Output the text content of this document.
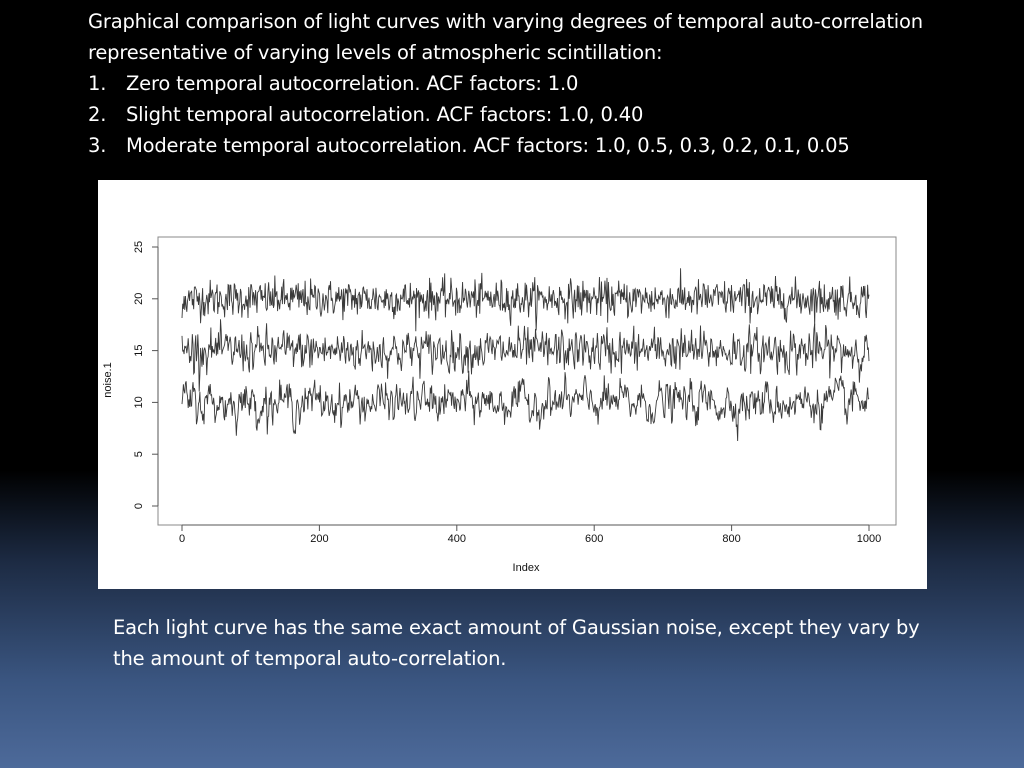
Graphical comparison of light curves with varying degrees of temporal auto-correlation representative of varying levels of atmospheric scintillation:
1. Zero temporal autocorrelation. ACF factors: 1.0
2. Slight temporal autocorrelation. ACF factors: 1.0, 0.40
3. Moderate temporal autocorrelation. ACF factors: 1.0, 0.5, 0.3, 0.2, 0.1, 0.05
0	200	400	600	800	1000
0
5
10
15
20
25
Index
noise.1
Each light curve has the same exact amount of Gaussian noise, except they vary by the amount of temporal auto-correlation.
